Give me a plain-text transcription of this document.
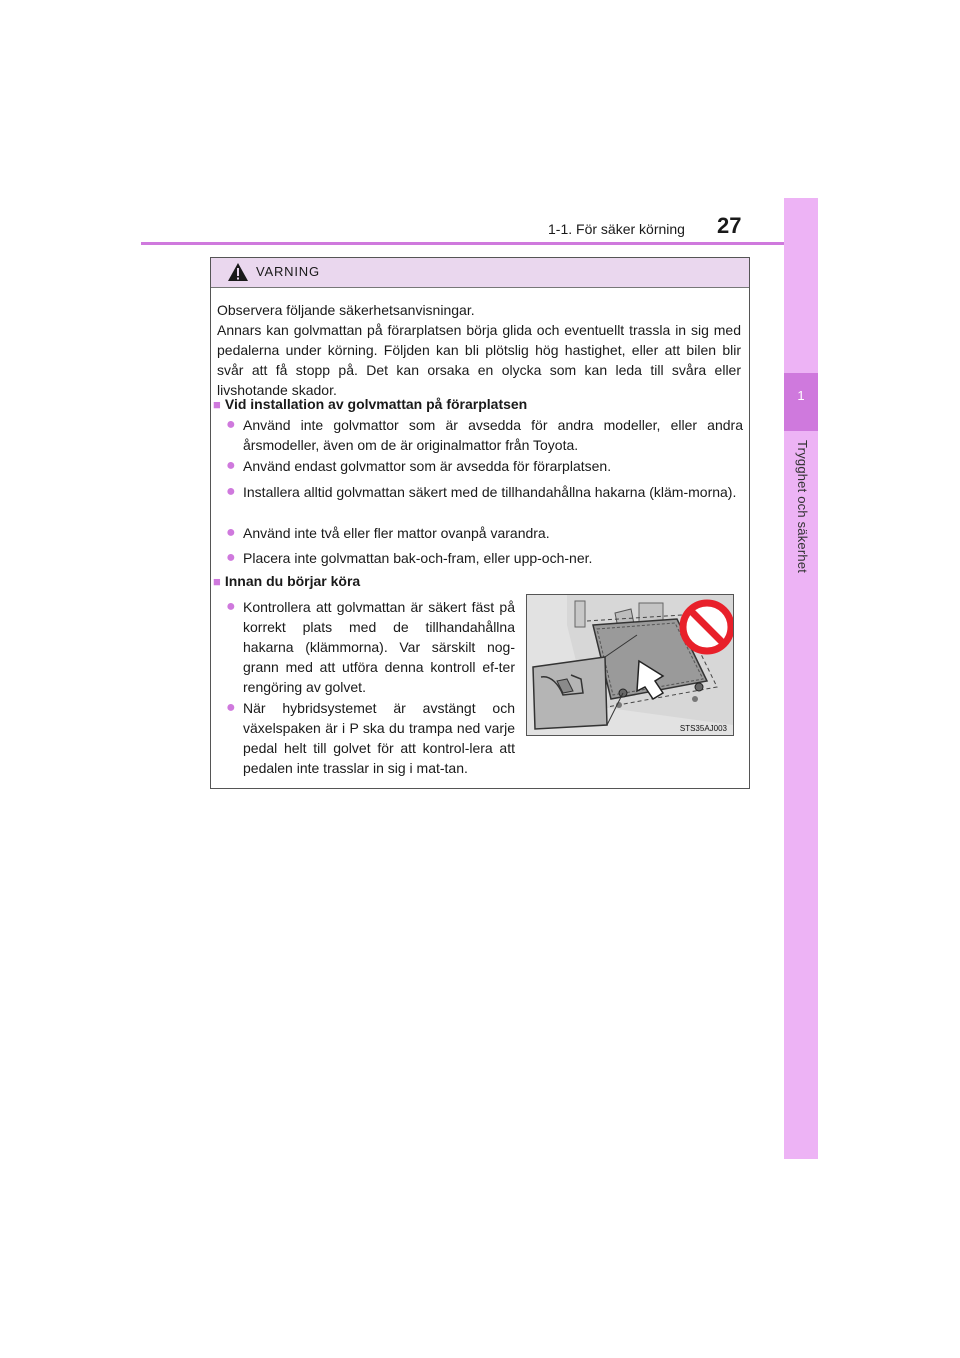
1-1. För säker körning 27
1
Trygghet och säkerhet
VARNING
Observera följande säkerhetsanvisningar.
Annars kan golvmattan på förarplatsen börja glida och eventuellt trassla in sig med pedalerna under körning. Följden kan bli plötslig hög hastighet, eller att bilen blir svår att få stopp på. Det kan orsaka en olycka som kan leda till svåra eller livshotande skador.
■ Vid installation av golvmattan på förarplatsen
● Använd inte golvmattor som är avsedda för andra modeller, eller andra årsmodeller, även om de är originalmattor från Toyota.
● Använd endast golvmattor som är avsedda för förarplatsen.
● Installera alltid golvmattan säkert med de tillhandahållna hakarna (kläm-morna).
● Använd inte två eller fler mattor ovanpå varandra.
● Placera inte golvmattan bak-och-fram, eller upp-och-ner.
■ Innan du börjar köra
● Kontrollera att golvmattan är säkert fäst på korrekt plats med de tillhandahållna hakarna (klämmorna). Var särskilt nog-grann med att utföra denna kontroll ef-ter rengöring av golvet.
● När hybridsystemet är avstängt och växelspaken är i P ska du trampa ned varje pedal helt till golvet för att kontrol-lera att pedalen inte trasslar in sig i mat-tan.
STS35AJ003
